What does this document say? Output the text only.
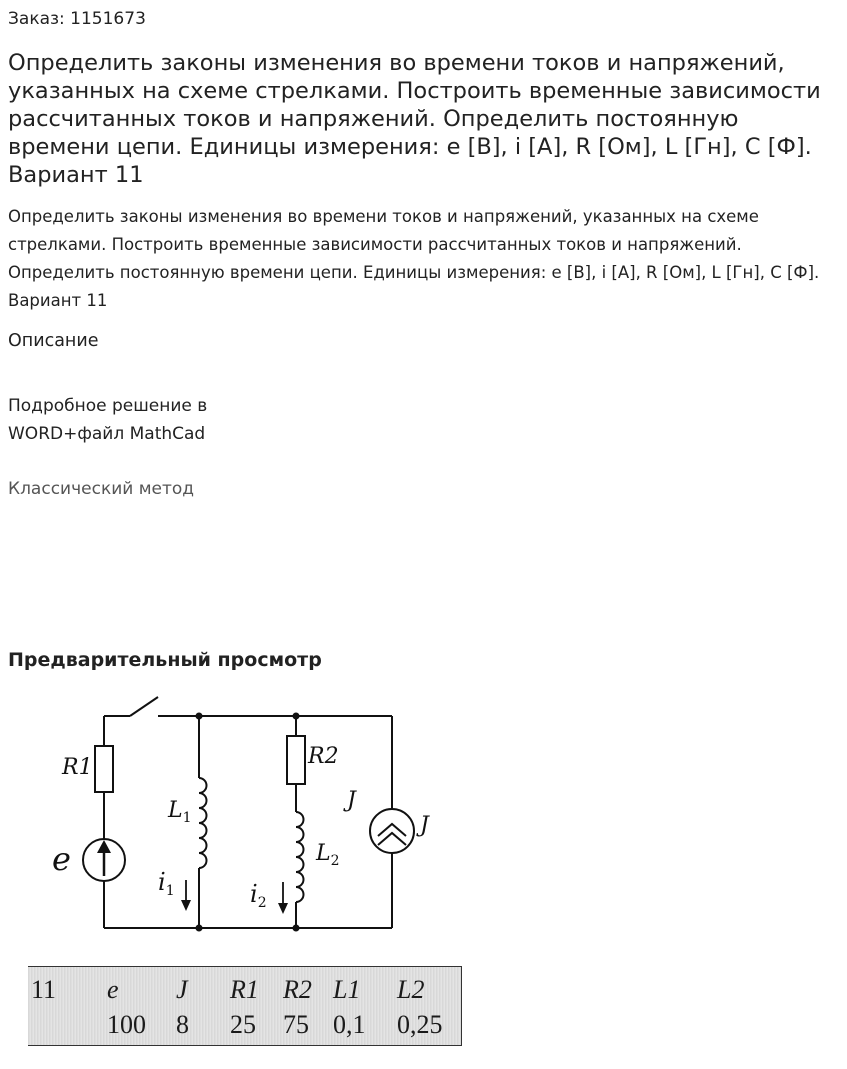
Заказ: 1151673
Определить законы изменения во времени токов и напряжений, указанных на схеме стрелками. Построить временные зависимости рассчитанных токов и напряжений. Определить постоянную времени цепи. Единицы измерения: e [В], i [А], R [Ом], L [Гн], C [Ф]. Вариант 11

Определить законы изменения во времени токов и напряжений, указанных на схеме стрелками. Построить временные зависимости рассчитанных токов и напряжений. Определить постоянную времени цепи. Единицы измерения: e [В], i [А], R [Ом], L [Гн], C [Ф]. Вариант 11

Описание
Подробное решение в
WORD+файл MathCad
Классический метод
Предварительный просмотр
R1	R2
$L_1$
$L_2$
e
J
J
$i_1$	$i_2$
11 e J R1 R2 L1 L2
100 8 25 75 0,1 0,25
